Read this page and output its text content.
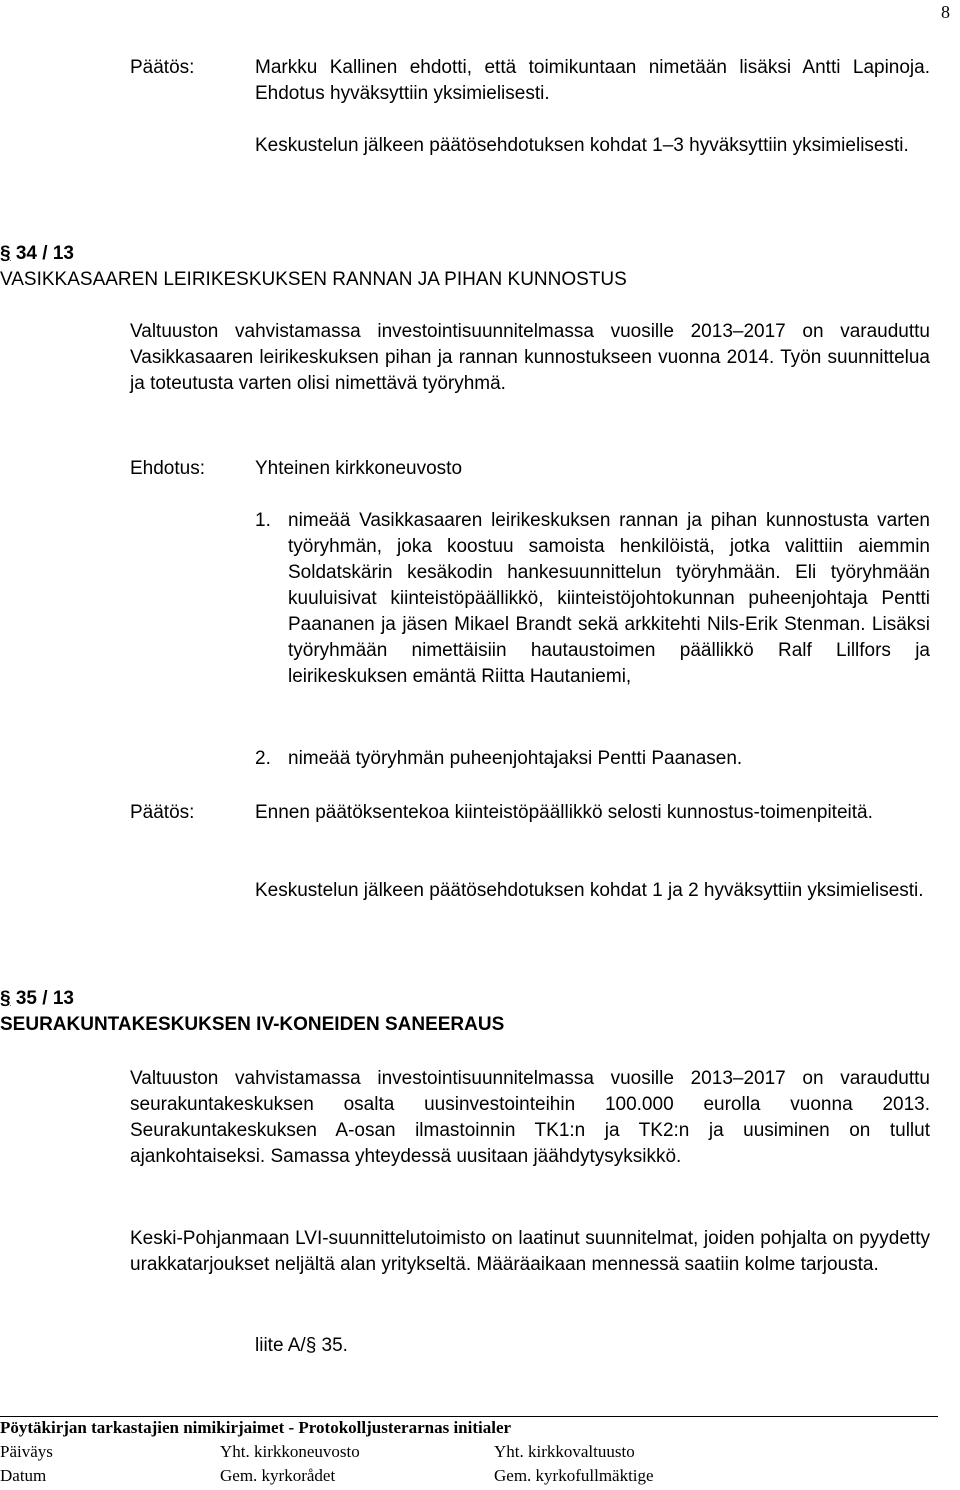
8
Päätös:	Markku Kallinen ehdotti, että toimikuntaan nimetään lisäksi Antti Lapinoja. Ehdotus hyväksyttiin yksimielisesti.
Keskustelun jälkeen päätösehdotuksen kohdat 1–3 hyväksyttiin yksimielisesti.
§ 34 / 13
VASIKKASAAREN LEIRIKESKUKSEN RANNAN JA PIHAN KUNNOSTUS
Valtuuston vahvistamassa investointisuunnitelmassa vuosille 2013–2017 on varauduttu Vasikkasaaren leirikeskuksen pihan ja rannan kunnostukseen vuonna 2014. Työn suunnittelua ja toteutusta varten olisi nimettävä työryhmä.
Ehdotus:	Yhteinen kirkkoneuvosto
1. nimeää Vasikkasaaren leirikeskuksen rannan ja pihan kunnostusta varten työryhmän, joka koostuu samoista henkilöistä, jotka valittiin aiemmin Soldatskärin kesäkodin hankesuunnittelun työryhmään. Eli työryhmään kuuluisivat kiinteistöpäällikkö, kiinteistöjohtokunnan puheenjohtaja Pentti Paananen ja jäsen Mikael Brandt sekä arkkitehti Nils-Erik Stenman. Lisäksi työryhmään nimettäisiin hautaustoimen päällikkö Ralf Lillfors ja leirikeskuksen emäntä Riitta Hautaniemi,
2. nimeää työryhmän puheenjohtajaksi Pentti Paanasen.
Päätös:	Ennen päätöksentekoa kiinteistöpäällikkö selosti kunnostus-toimenpiteitä.
Keskustelun jälkeen päätösehdotuksen kohdat 1 ja 2 hyväksyttiin yksimielisesti.
§ 35 / 13
SEURAKUNTAKESKUKSEN IV-KONEIDEN SANEERAUS
Valtuuston vahvistamassa investointisuunnitelmassa vuosille 2013–2017 on varauduttu seurakuntakeskuksen osalta uusinvestointeihin 100.000 eurolla vuonna 2013. Seurakuntakeskuksen A-osan ilmastoinnin TK1:n ja TK2:n ja uusiminen on tullut ajankohtaiseksi. Samassa yhteydessä uusitaan jäähdytysyksikkö.
Keski-Pohjanmaan LVI-suunnittelutoimisto on laatinut suunnitelmat, joiden pohjalta on pyydetty urakkatarjoukset neljältä alan yritykseltä. Määräaikaan mennessä saatiin kolme tarjousta.
liite A/§ 35.
Pöytäkirjan tarkastajien nimikirjaimet - Protokolljusterarnas initialer
Päiväys	Yht. kirkkoneuvosto	Yht. kirkkovaltuusto
Datum	Gem. kyrkorådet	Gem. kyrkofullmäktige
